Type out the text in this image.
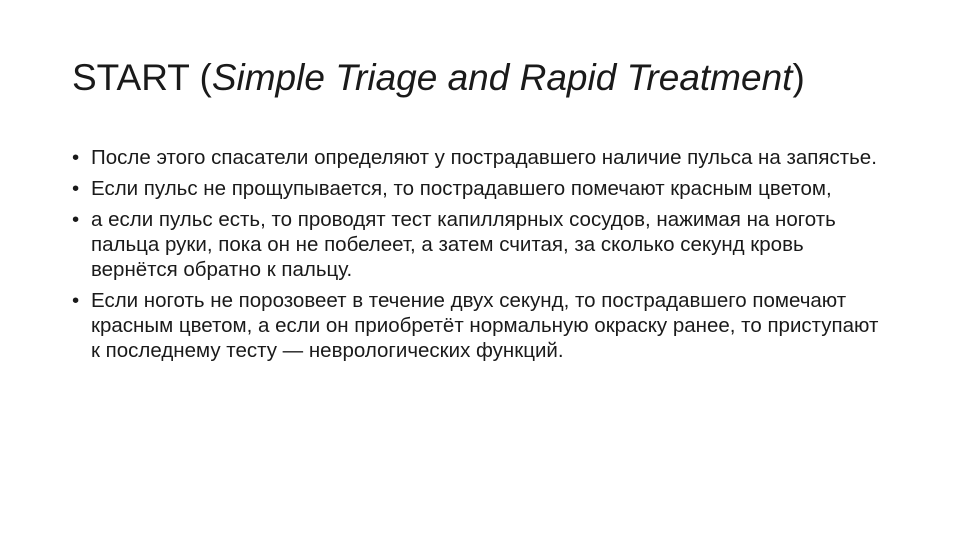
START (Simple Triage and Rapid Treatment)
• После этого спасатели определяют у пострадавшего наличие пульса на запястье.
• Если пульс не прощупывается, то пострадавшего помечают красным цветом,
• а если пульс есть, то проводят тест капиллярных сосудов, нажимая на ноготь пальца руки, пока он не побелеет, а затем считая, за сколько секунд кровь вернётся обратно к пальцу.
• Если ноготь не порозовеет в течение двух секунд, то пострадавшего помечают красным цветом, а если он приобретёт нормальную окраску ранее, то приступают к последнему тесту — неврологических функций.
